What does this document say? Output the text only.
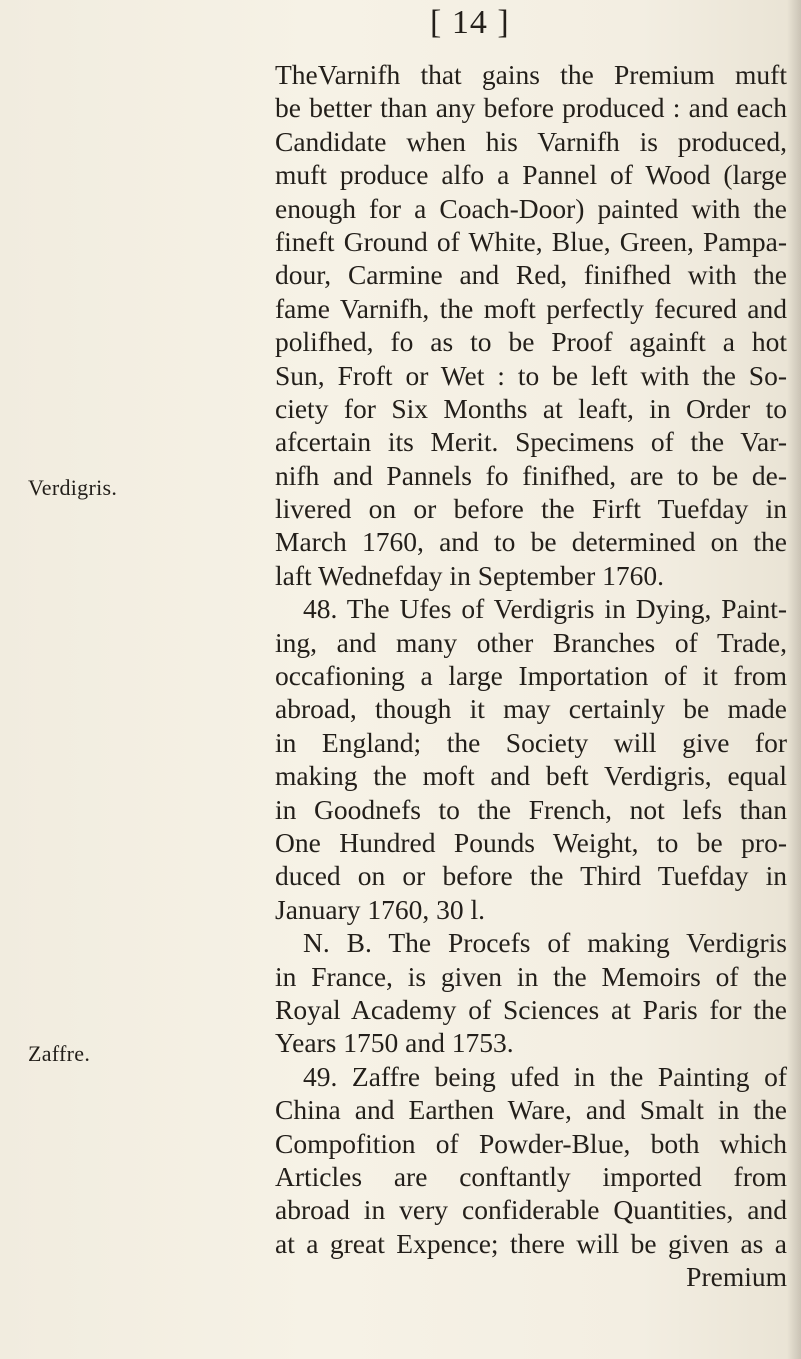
[ 14 ]
Verdigris.
Zaffre.
TheVarnifh that gains the Premium muft
be better than any before produced : and each
Candidate when his Varnifh is produced,
muft produce alfo a Pannel of Wood (large
enough for a Coach-Door) painted with the
fineft Ground of White, Blue, Green, Pampa-
dour, Carmine and Red, finifhed with the
fame Varnifh, the moft perfectly fecured and
polifhed, fo as to be Proof againft a hot
Sun, Froft or Wet : to be left with the So-
ciety for Six Months at leaft, in Order to
afcertain its Merit. Specimens of the Var-
nifh and Pannels fo finifhed, are to be de-
livered on or before the Firft Tuefday in
March 1760, and to be determined on the
laft Wednefday in September 1760.
48. The Ufes of Verdigris in Dying, Paint-
ing, and many other Branches of Trade,
occafioning a large Importation of it from
abroad, though it may certainly be made
in England; the Society will give for
making the moft and beft Verdigris, equal
in Goodnefs to the French, not lefs than
One Hundred Pounds Weight, to be pro-
duced on or before the Third Tuefday in
January 1760, 30 l.
N. B. The Procefs of making Verdigris
in France, is given in the Memoirs of the
Royal Academy of Sciences at Paris for the
Years 1750 and 1753.
49. Zaffre being ufed in the Painting of
China and Earthen Ware, and Smalt in the
Compofition of Powder-Blue, both which
Articles are conftantly imported from
abroad in very confiderable Quantities, and
at a great Expence; there will be given as a
Premium
